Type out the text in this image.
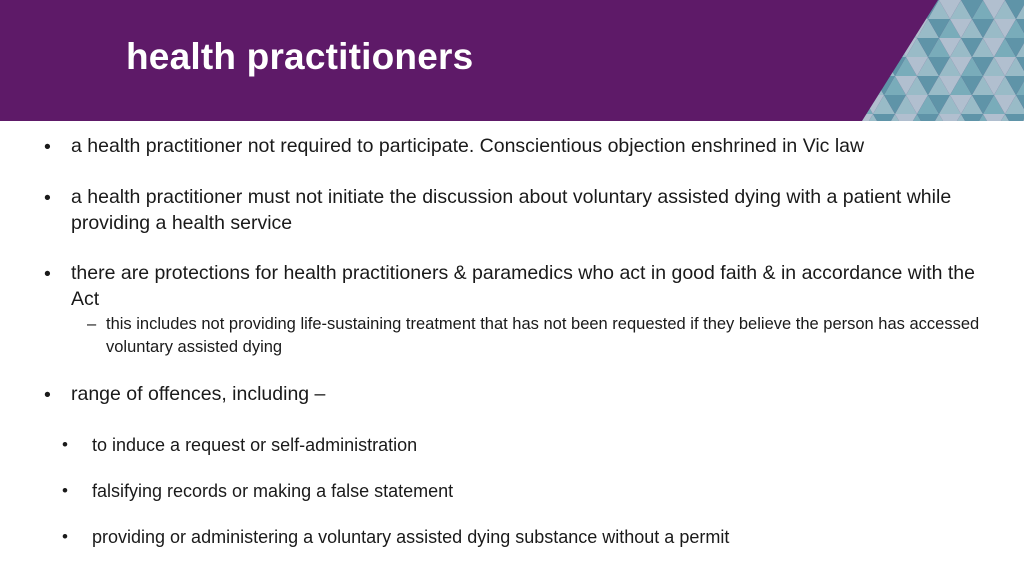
health practitioners
• a health practitioner not required to participate. Conscientious objection enshrined in Vic law
• a health practitioner must not initiate the discussion about voluntary assisted dying with a patient while providing a health service
• there are protections for health practitioners & paramedics who act in good faith & in accordance with the Act
– this includes not providing life-sustaining treatment that has not been requested if they believe the person has accessed voluntary assisted dying
• range of offences, including –
• to induce a request or self-administration
• falsifying records or making a false statement
• providing or administering a voluntary assisted dying substance without a permit
